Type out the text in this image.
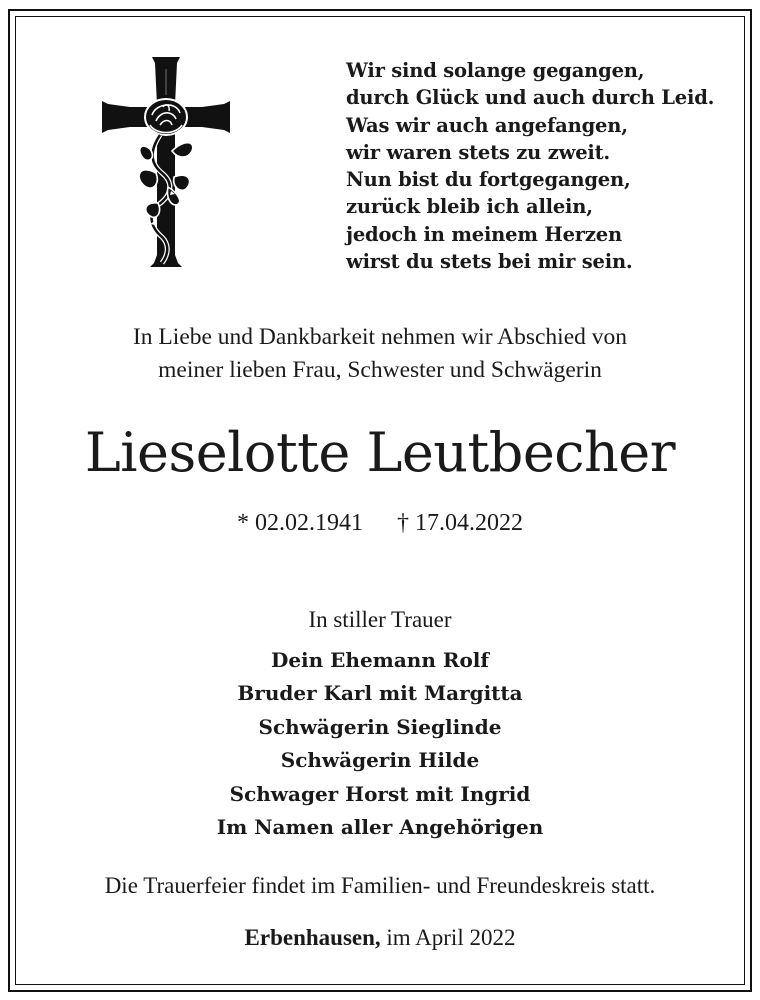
Wir sind solange gegangen,
durch Glück und auch durch Leid.
Was wir auch angefangen,
wir waren stets zu zweit.
Nun bist du fortgegangen,
zurück bleib ich allein,
jedoch in meinem Herzen
wirst du stets bei mir sein.
In Liebe und Dankbarkeit nehmen wir Abschied von
meiner lieben Frau, Schwester und Schwägerin
Lieselotte Leutbecher
* 02.02.1941 † 17.04.2022
In stiller Trauer
Dein Ehemann Rolf
Bruder Karl mit Margitta
Schwägerin Sieglinde
Schwägerin Hilde
Schwager Horst mit Ingrid
Im Namen aller Angehörigen
Die Trauerfeier findet im Familien- und Freundeskreis statt.
Erbenhausen, im April 2022
